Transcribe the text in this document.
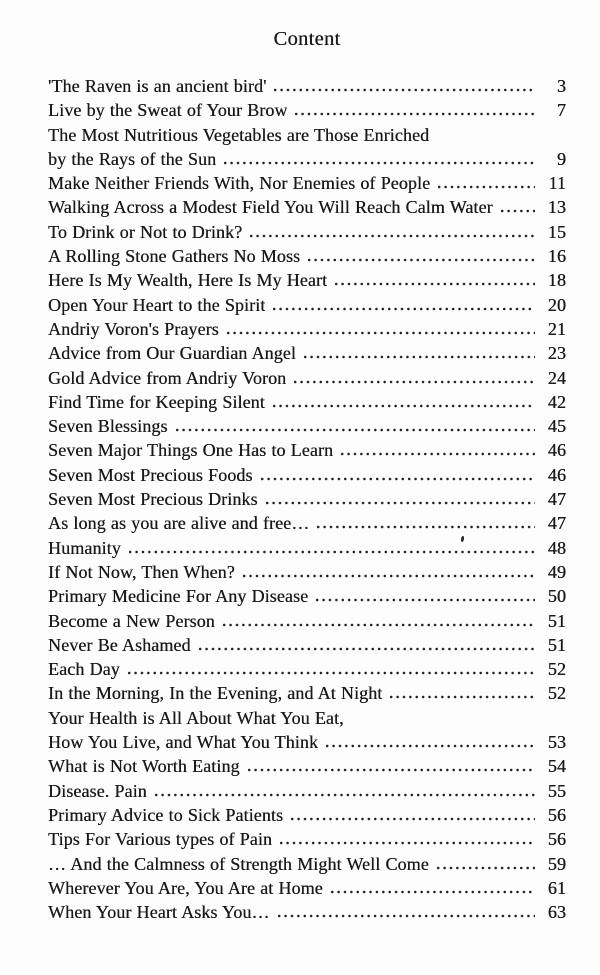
Content
'The Raven is an ancient bird'	3
Live by the Sweat of Your Brow	7
The Most Nutritious Vegetables are Those Enriched
by the Rays of the Sun	9
Make Neither Friends With, Nor Enemies of People	11
Walking Across a Modest Field You Will Reach Calm Water	13
To Drink or Not to Drink?	15
A Rolling Stone Gathers No Moss	16
Here Is My Wealth, Here Is My Heart	18
Open Your Heart to the Spirit	20
Andriy Voron's Prayers	21
Advice from Our Guardian Angel	23
Gold Advice from Andriy Voron	24
Find Time for Keeping Silent	42
Seven Blessings	45
Seven Major Things One Has to Learn	46
Seven Most Precious Foods	46
Seven Most Precious Drinks	47
As long as you are alive and free…	47
Humanity	48
If Not Now, Then When?	49
Primary Medicine For Any Disease	50
Become a New Person	51
Never Be Ashamed	51
Each Day	52
In the Morning, In the Evening, and At Night	52
Your Health is All About What You Eat,
How You Live, and What You Think	53
What is Not Worth Eating	54
Disease. Pain	55
Primary Advice to Sick Patients	56
Tips For Various types of Pain	56
… And the Calmness of Strength Might Well Come	59
Wherever You Are, You Are at Home	61
When Your Heart Asks You…	63
